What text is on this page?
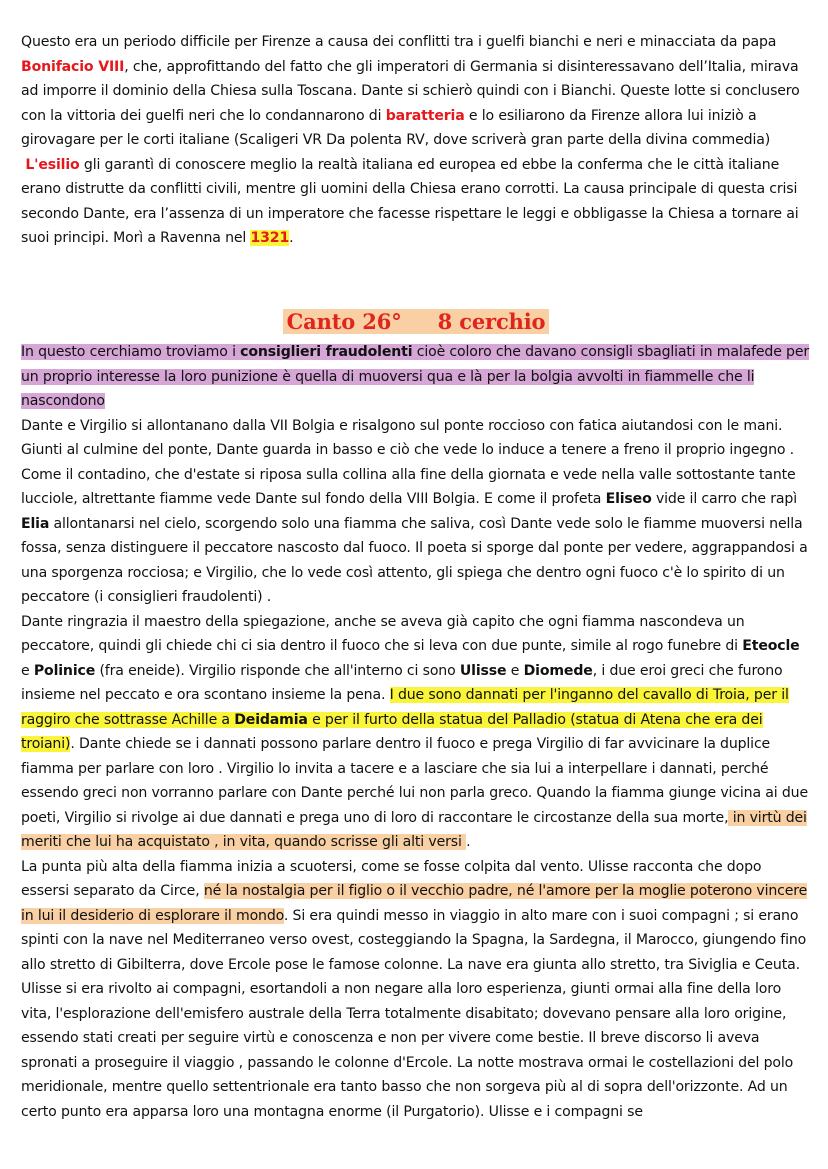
Questo era un periodo difficile per Firenze a causa dei conflitti tra i guelfi bianchi e neri e minacciata da papa Bonifacio VIII, che, approfittando del fatto che gli imperatori di Germania si disinteressavano dell’Italia, mirava ad imporre il dominio della Chiesa sulla Toscana. Dante si schierò quindi con i Bianchi. Queste lotte si conclusero con la vittoria dei guelfi neri che lo condannarono di baratteria e lo esiliarono da Firenze allora lui iniziò a girovagare per le corti italiane (Scaligeri VR Da polenta RV, dove scriverà gran parte della divina commedia)

L'esilio gli garantì di conoscere meglio la realtà italiana ed europea ed ebbe la conferma che le città italiane erano distrutte da conflitti civili, mentre gli uomini della Chiesa erano corrotti. La causa principale di questa crisi secondo Dante, era l’assenza di un imperatore che facesse rispettare le leggi e obbligasse la Chiesa a tornare ai suoi principi. Morì a Ravenna nel 1321.

Canto 26° 8 cerchio

In questo cerchiamo troviamo i consiglieri fraudolenti cioè coloro che davano consigli sbagliati in malafede per un proprio interesse la loro punizione è quella di muoversi qua e là per la bolgia avvolti in fiammelle che li nascondono

Dante e Virgilio si allontanano dalla VII Bolgia e risalgono sul ponte roccioso con fatica aiutandosi con le mani. Giunti al culmine del ponte, Dante guarda in basso e ciò che vede lo induce a tenere a freno il proprio ingegno . Come il contadino, che d'estate si riposa sulla collina alla fine della giornata e vede nella valle sottostante tante lucciole, altrettante fiamme vede Dante sul fondo della VIII Bolgia. E come il profeta Eliseo vide il carro che rapì Elia allontanarsi nel cielo, scorgendo solo una fiamma che saliva, così Dante vede solo le fiamme muoversi nella fossa, senza distinguere il peccatore nascosto dal fuoco. Il poeta si sporge dal ponte per vedere, aggrappandosi a una sporgenza rocciosa; e Virgilio, che lo vede così attento, gli spiega che dentro ogni fuoco c'è lo spirito di un peccatore (i consiglieri fraudolenti) .

Dante ringrazia il maestro della spiegazione, anche se aveva già capito che ogni fiamma nascondeva un peccatore, quindi gli chiede chi ci sia dentro il fuoco che si leva con due punte, simile al rogo funebre di Eteocle e Polinice (fra eneide). Virgilio risponde che all'interno ci sono Ulisse e Diomede, i due eroi greci che furono insieme nel peccato e ora scontano insieme la pena. I due sono dannati per l'inganno del cavallo di Troia, per il raggiro che sottrasse Achille a Deidamia e per il furto della statua del Palladio (statua di Atena che era dei troiani). Dante chiede se i dannati possono parlare dentro il fuoco e prega Virgilio di far avvicinare la duplice fiamma per parlare con loro . Virgilio lo invita a tacere e a lasciare che sia lui a interpellare i dannati, perché essendo greci non vorranno parlare con Dante perché lui non parla greco. Quando la fiamma giunge vicina ai due poeti, Virgilio si rivolge ai due dannati e prega uno di loro di raccontare le circostanze della sua morte, in virtù dei meriti che lui ha acquistato , in vita, quando scrisse gli alti versi .

La punta più alta della fiamma inizia a scuotersi, come se fosse colpita dal vento. Ulisse racconta che dopo essersi separato da Circe, né la nostalgia per il figlio o il vecchio padre, né l'amore per la moglie poterono vincere in lui il desiderio di esplorare il mondo. Si era quindi messo in viaggio in alto mare con i suoi compagni ; si erano spinti con la nave nel Mediterraneo verso ovest, costeggiando la Spagna, la Sardegna, il Marocco, giungendo fino allo stretto di Gibilterra, dove Ercole pose le famose colonne. La nave era giunta allo stretto, tra Siviglia e Ceuta.

Ulisse si era rivolto ai compagni, esortandoli a non negare alla loro esperienza, giunti ormai alla fine della loro vita, l'esplorazione dell'emisfero australe della Terra totalmente disabitato; dovevano pensare alla loro origine, essendo stati creati per seguire virtù e conoscenza e non per vivere come bestie. Il breve discorso li aveva spronati a proseguire il viaggio , passando le colonne d'Ercole. La notte mostrava ormai le costellazioni del polo meridionale, mentre quello settentrionale era tanto basso che non sorgeva più al di sopra dell'orizzonte. Ad un certo punto era apparsa loro una montagna enorme (il Purgatorio). Ulisse e i compagni se
